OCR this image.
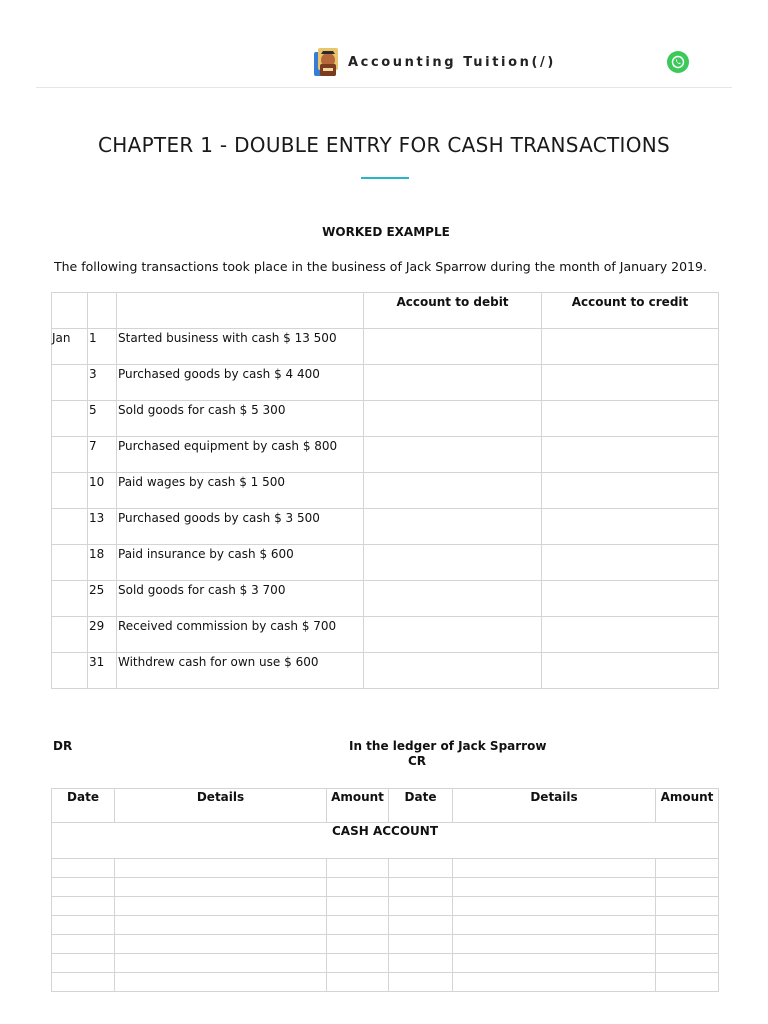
Accounting Tuition(/)
CHAPTER 1 - DOUBLE ENTRY FOR CASH TRANSACTIONS
WORKED EXAMPLE
The following transactions took place in the business of Jack Sparrow during the month of January 2019.
			Account to debit	Account to credit
Jan	1	Started business with cash $ 13 500		
	3	Purchased goods by cash $ 4 400		
	5	Sold goods for cash $ 5 300		
	7	Purchased equipment by cash $ 800		
	10	Paid wages by cash $ 1 500		
	13	Purchased goods by cash $ 3 500		
	18	Paid insurance by cash $ 600		
	25	Sold goods for cash $ 3 700		
	29	Received commission by cash $ 700		
	31	Withdrew cash for own use $ 600		
DR	In the ledger of Jack Sparrow
CR
Date	Details	Amount	Date	Details	Amount
CASH ACCOUNT					
